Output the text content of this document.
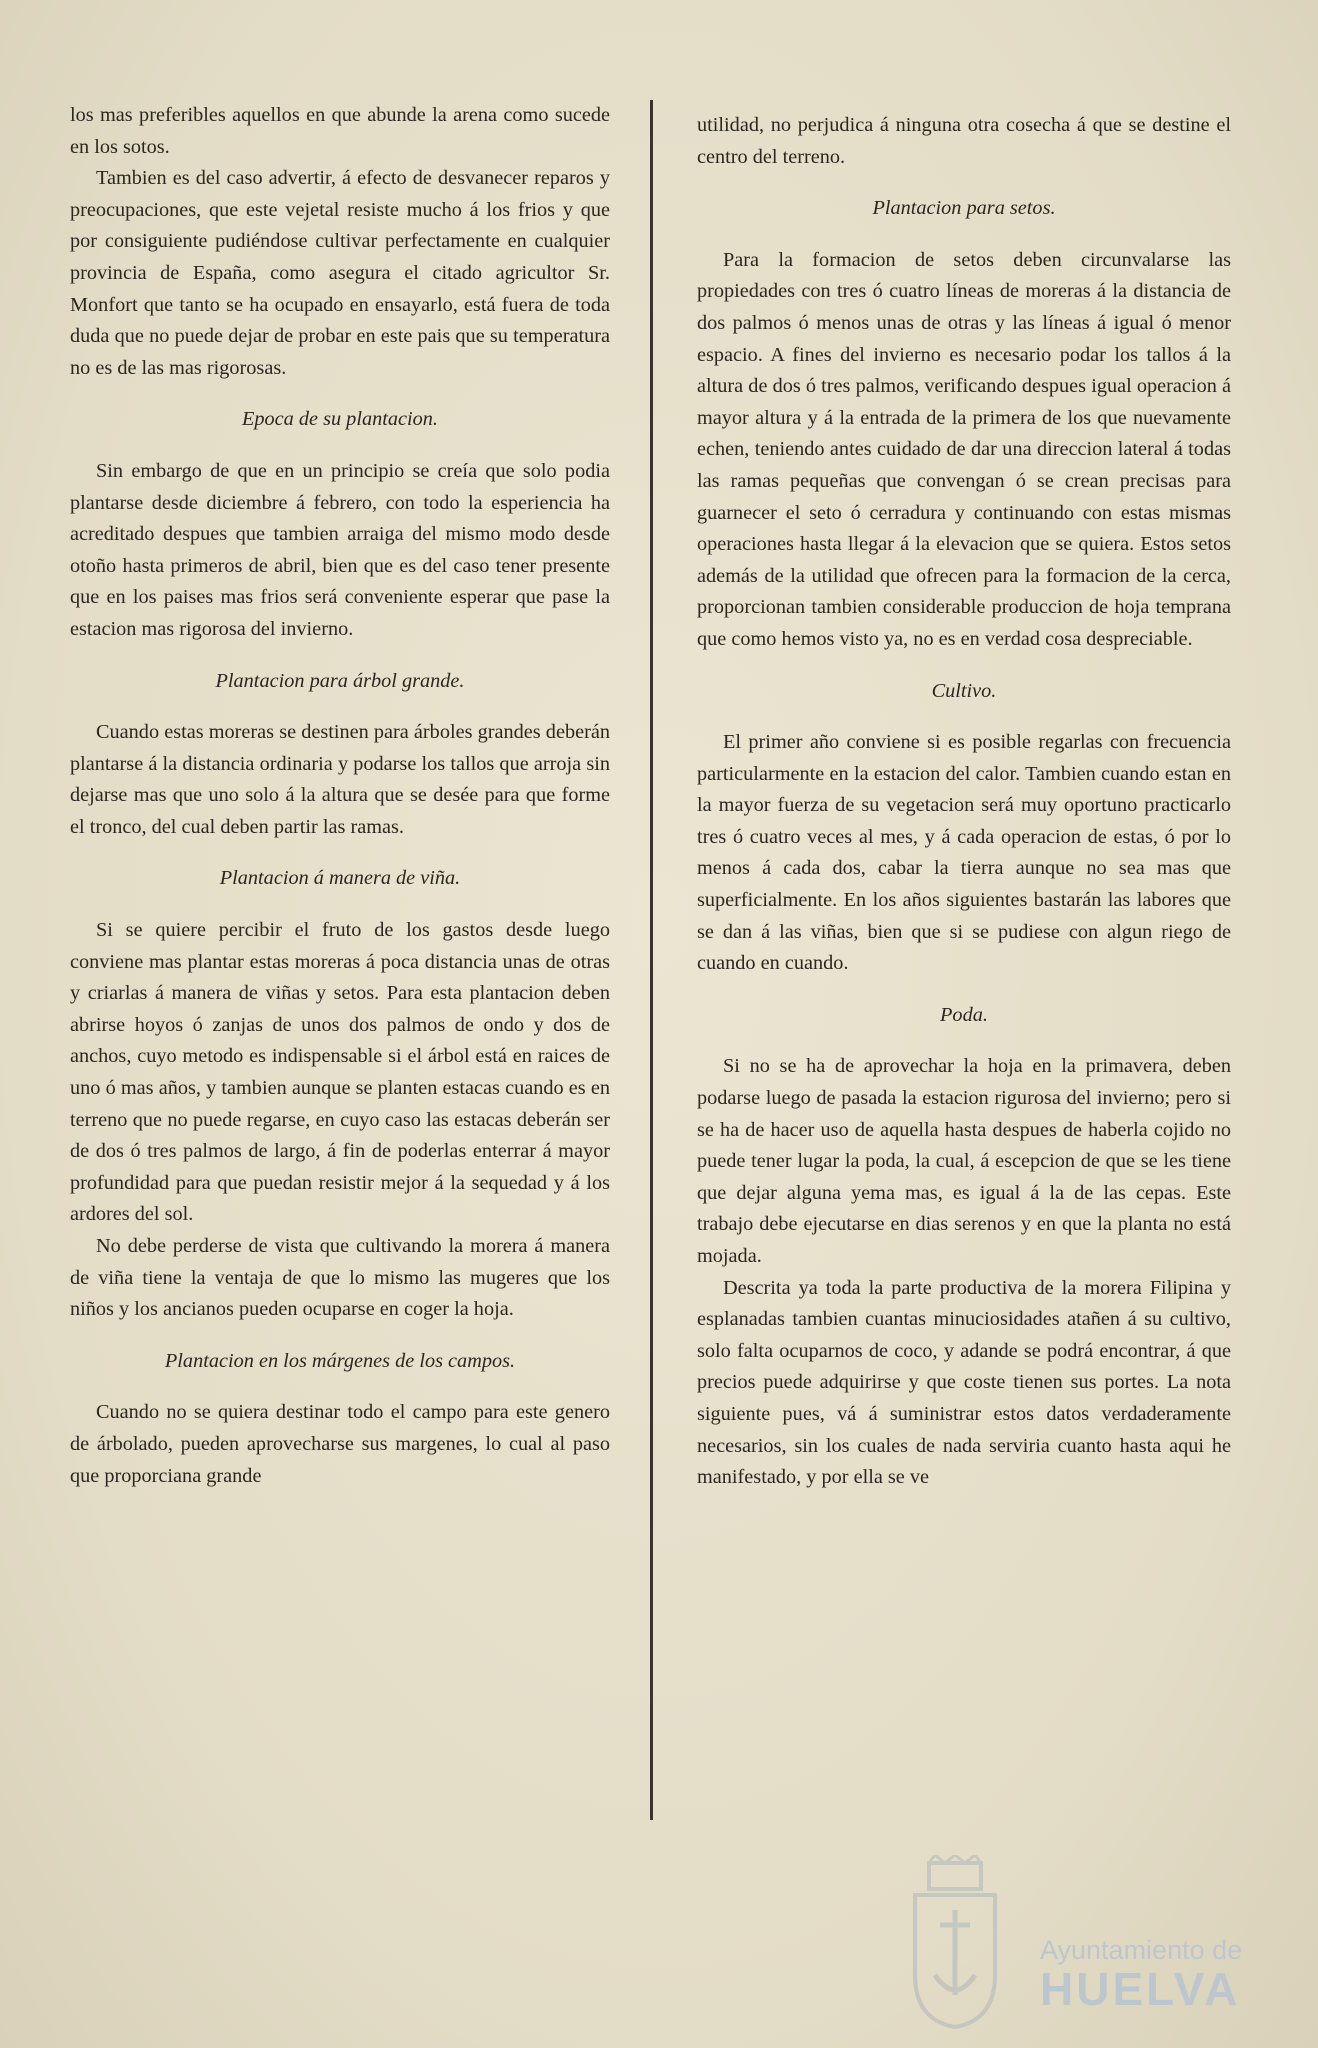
los mas preferibles aquellos en que abunde la arena como sucede en los sotos.

Tambien es del caso advertir, á efecto de desvanecer reparos y preocupaciones, que este vejetal resiste mucho á los frios y que por consiguiente pudiéndose cultivar perfectamente en cualquier provincia de España, como asegura el citado agricultor Sr. Monfort que tanto se ha ocupado en ensayarlo, está fuera de toda duda que no puede dejar de probar en este pais que su temperatura no es de las mas rigorosas.

Epoca de su plantacion.

Sin embargo de que en un principio se creía que solo podia plantarse desde diciembre á febrero, con todo la esperiencia ha acreditado despues que tambien arraiga del mismo modo desde otoño hasta primeros de abril, bien que es del caso tener presente que en los paises mas frios será conveniente esperar que pase la estacion mas rigorosa del invierno.

Plantacion para árbol grande.

Cuando estas moreras se destinen para árboles grandes deberán plantarse á la distancia ordinaria y podarse los tallos que arroja sin dejarse mas que uno solo á la altura que se desée para que forme el tronco, del cual deben partir las ramas.

Plantacion á manera de viña.

Si se quiere percibir el fruto de los gastos desde luego conviene mas plantar estas moreras á poca distancia unas de otras y criarlas á manera de viñas y setos. Para esta plantacion deben abrirse hoyos ó zanjas de unos dos palmos de ondo y dos de anchos, cuyo metodo es indispensable si el árbol está en raices de uno ó mas años, y tambien aunque se planten estacas cuando es en terreno que no puede regarse, en cuyo caso las estacas deberán ser de dos ó tres palmos de largo, á fin de poderlas enterrar á mayor profundidad para que puedan resistir mejor á la sequedad y á los ardores del sol.

No debe perderse de vista que cultivando la morera á manera de viña tiene la ventaja de que lo mismo las mugeres que los niños y los ancianos pueden ocuparse en coger la hoja.

Plantacion en los márgenes de los campos.

Cuando no se quiera destinar todo el campo para este genero de árbolado, pueden aprovecharse sus margenes, lo cual al paso que proporciana grande

utilidad, no perjudica á ninguna otra cosecha á que se destine el centro del terreno.

Plantacion para setos.

Para la formacion de setos deben circunvalarse las propiedades con tres ó cuatro líneas de moreras á la distancia de dos palmos ó menos unas de otras y las líneas á igual ó menor espacio. A fines del invierno es necesario podar los tallos á la altura de dos ó tres palmos, verificando despues igual operacion á mayor altura y á la entrada de la primera de los que nuevamente echen, teniendo antes cuidado de dar una direccion lateral á todas las ramas pequeñas que convengan ó se crean precisas para guarnecer el seto ó cerradura y continuando con estas mismas operaciones hasta llegar á la elevacion que se quiera. Estos setos además de la utilidad que ofrecen para la formacion de la cerca, proporcionan tambien considerable produccion de hoja temprana que como hemos visto ya, no es en verdad cosa despreciable.

Cultivo.

El primer año conviene si es posible regarlas con frecuencia particularmente en la estacion del calor. Tambien cuando estan en la mayor fuerza de su vegetacion será muy oportuno practicarlo tres ó cuatro veces al mes, y á cada operacion de estas, ó por lo menos á cada dos, cabar la tierra aunque no sea mas que superficialmente. En los años siguientes bastarán las labores que se dan á las viñas, bien que si se pudiese con algun riego de cuando en cuando.

Poda.

Si no se ha de aprovechar la hoja en la primavera, deben podarse luego de pasada la estacion rigurosa del invierno; pero si se ha de hacer uso de aquella hasta despues de haberla cojido no puede tener lugar la poda, la cual, á escepcion de que se les tiene que dejar alguna yema mas, es igual á la de las cepas. Este trabajo debe ejecutarse en dias serenos y en que la planta no está mojada.

Descrita ya toda la parte productiva de la morera Filipina y esplanadas tambien cuantas minuciosidades atañen á su cultivo, solo falta ocuparnos de coco, y adande se podrá encontrar, á que precios puede adquirirse y que coste tienen sus portes. La nota siguiente pues, vá á suministrar estos datos verdaderamente necesarios, sin los cuales de nada serviria cuanto hasta aqui he manifestado, y por ella se ve

Ayuntamiento de
HUELVA
